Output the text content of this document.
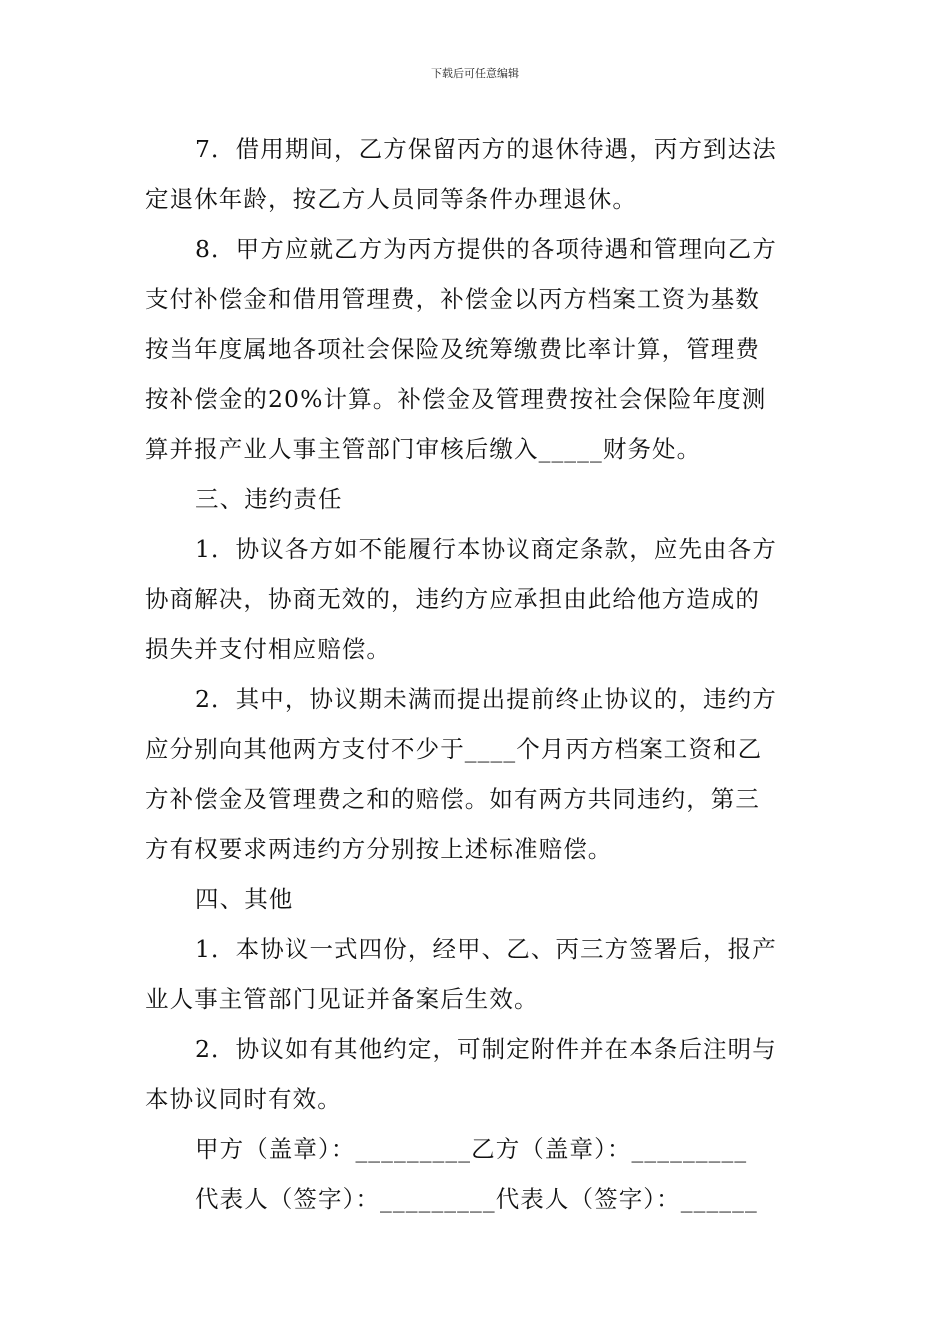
下载后可任意编辑
7．借用期间，乙方保留丙方的退休待遇，丙方到达法
定退休年龄，按乙方人员同等条件办理退休。
8．甲方应就乙方为丙方提供的各项待遇和管理向乙方
支付补偿金和借用管理费，补偿金以丙方档案工资为基数
按当年度属地各项社会保险及统筹缴费比率计算，管理费
按补偿金的20%计算。补偿金及管理费按社会保险年度测
算并报产业人事主管部门审核后缴入_____财务处。
三、违约责任
1．协议各方如不能履行本协议商定条款，应先由各方
协商解决，协商无效的，违约方应承担由此给他方造成的
损失并支付相应赔偿。
2．其中，协议期未满而提出提前终止协议的，违约方
应分别向其他两方支付不少于____个月丙方档案工资和乙
方补偿金及管理费之和的赔偿。如有两方共同违约，第三
方有权要求两违约方分别按上述标准赔偿。
四、其他
1．本协议一式四份，经甲、乙、丙三方签署后，报产
业人事主管部门见证并备案后生效。
2．协议如有其他约定，可制定附件并在本条后注明与
本协议同时有效。
甲方（盖章）：_________乙方（盖章）：_________
代表人（签字）：_________代表人（签字）：______
